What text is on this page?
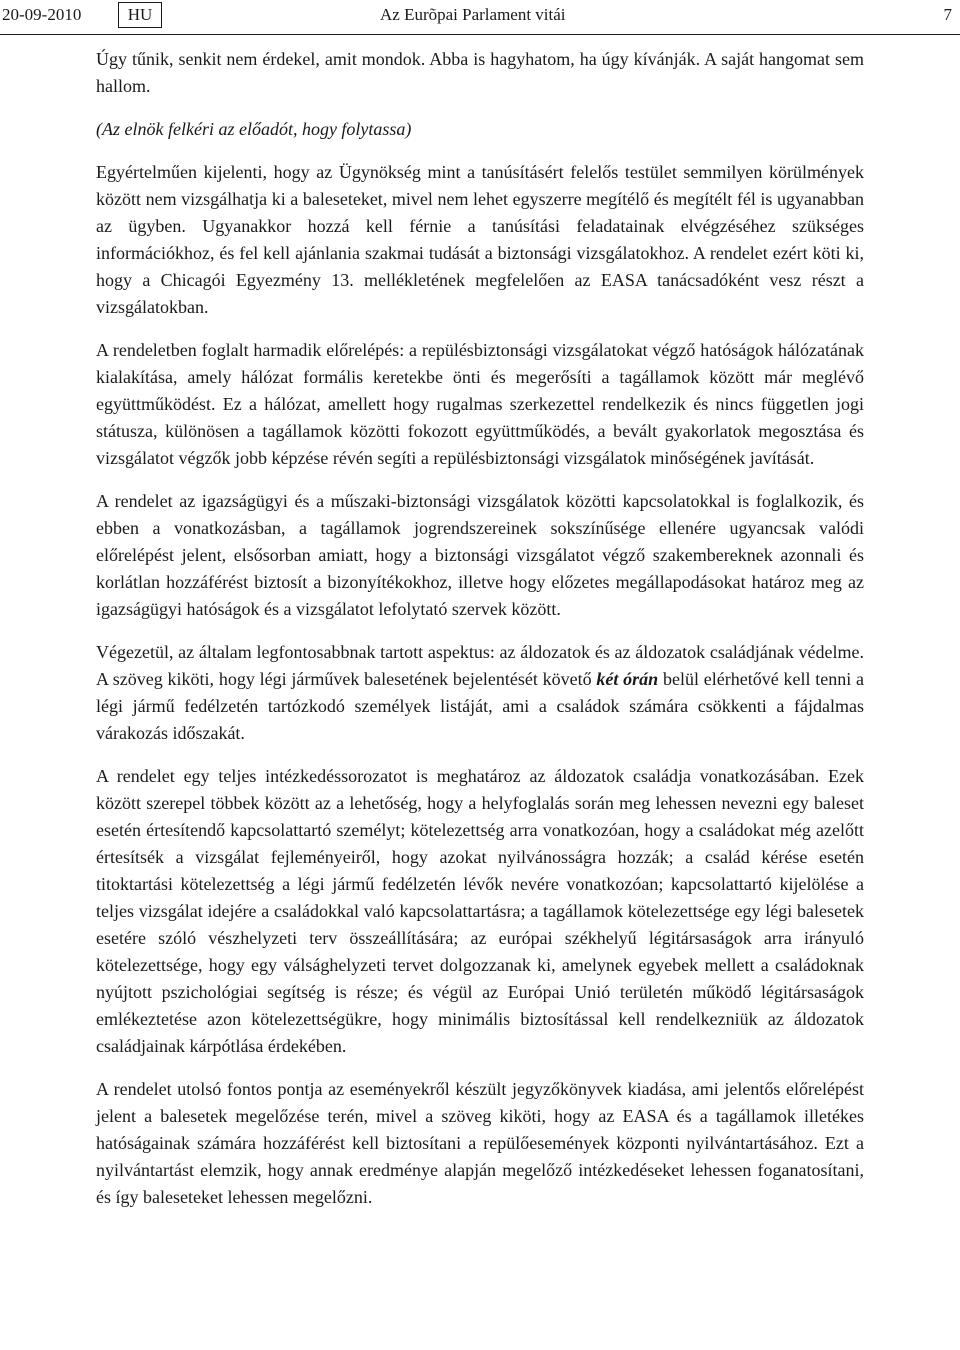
20-09-2010	HU	Az Eurõpai Parlament vitái	7

Úgy tűnik, senkit nem érdekel, amit mondok. Abba is hagyhatom, ha úgy kívánják. A saját hangomat sem hallom.

(Az elnök felkéri az előadót, hogy folytassa)

Egyértelműen kijelenti, hogy az Ügynökség mint a tanúsításért felelős testület semmilyen körülmények között nem vizsgálhatja ki a baleseteket, mivel nem lehet egyszerre megítélő és megítélt fél is ugyanabban az ügyben. Ugyanakkor hozzá kell férnie a tanúsítási feladatainak elvégzéséhez szükséges információkhoz, és fel kell ajánlania szakmai tudását a biztonsági vizsgálatokhoz. A rendelet ezért köti ki, hogy a Chicagói Egyezmény 13. mellékletének megfelelően az EASA tanácsadóként vesz részt a vizsgálatokban.

A rendeletben foglalt harmadik előrelépés: a repülésbiztonsági vizsgálatokat végző hatóságok hálózatának kialakítása, amely hálózat formális keretekbe önti és megerősíti a tagállamok között már meglévő együttműködést. Ez a hálózat, amellett hogy rugalmas szerkezettel rendelkezik és nincs független jogi státusza, különösen a tagállamok közötti fokozott együttműködés, a bevált gyakorlatok megosztása és vizsgálatot végzők jobb képzése révén segíti a repülésbiztonsági vizsgálatok minőségének javítását.

A rendelet az igazságügyi és a műszaki-biztonsági vizsgálatok közötti kapcsolatokkal is foglalkozik, és ebben a vonatkozásban, a tagállamok jogrendszereinek sokszínűsége ellenére ugyancsak valódi előrelépést jelent, elsősorban amiatt, hogy a biztonsági vizsgálatot végző szakembereknek azonnali és korlátlan hozzáférést biztosít a bizonyítékokhoz, illetve hogy előzetes megállapodásokat határoz meg az igazságügyi hatóságok és a vizsgálatot lefolytató szervek között.

Végezetül, az általam legfontosabbnak tartott aspektus: az áldozatok és az áldozatok családjának védelme. A szöveg kiköti, hogy légi járművek balesetének bejelentését követő két órán belül elérhetővé kell tenni a légi jármű fedélzetén tartózkodó személyek listáját, ami a családok számára csökkenti a fájdalmas várakozás időszakát.

A rendelet egy teljes intézkedéssorozatot is meghatároz az áldozatok családja vonatkozásában. Ezek között szerepel többek között az a lehetőség, hogy a helyfoglalás során meg lehessen nevezni egy baleset esetén értesítendő kapcsolattartó személyt; kötelezettség arra vonatkozóan, hogy a családokat még azelőtt értesítsék a vizsgálat fejleményeiről, hogy azokat nyilvánosságra hozzák; a család kérése esetén titoktartási kötelezettség a légi jármű fedélzetén lévők nevére vonatkozóan; kapcsolattartó kijelölése a teljes vizsgálat idejére a családokkal való kapcsolattartásra; a tagállamok kötelezettsége egy légi balesetek esetére szóló vészhelyzeti terv összeállítására; az európai székhelyű légitársaságok arra irányuló kötelezettsége, hogy egy válsághelyzeti tervet dolgozzanak ki, amelynek egyebek mellett a családoknak nyújtott pszichológiai segítség is része; és végül az Európai Unió területén működő légitársaságok emlékeztetése azon kötelezettségükre, hogy minimális biztosítással kell rendelkezniük az áldozatok családjainak kárpótlása érdekében.

A rendelet utolsó fontos pontja az eseményekről készült jegyzőkönyvek kiadása, ami jelentős előrelépést jelent a balesetek megelőzése terén, mivel a szöveg kiköti, hogy az EASA és a tagállamok illetékes hatóságainak számára hozzáférést kell biztosítani a repülőesemények központi nyilvántartásához. Ezt a nyilvántartást elemzik, hogy annak eredménye alapján megelőző intézkedéseket lehessen foganatosítani, és így baleseteket lehessen megelőzni.
